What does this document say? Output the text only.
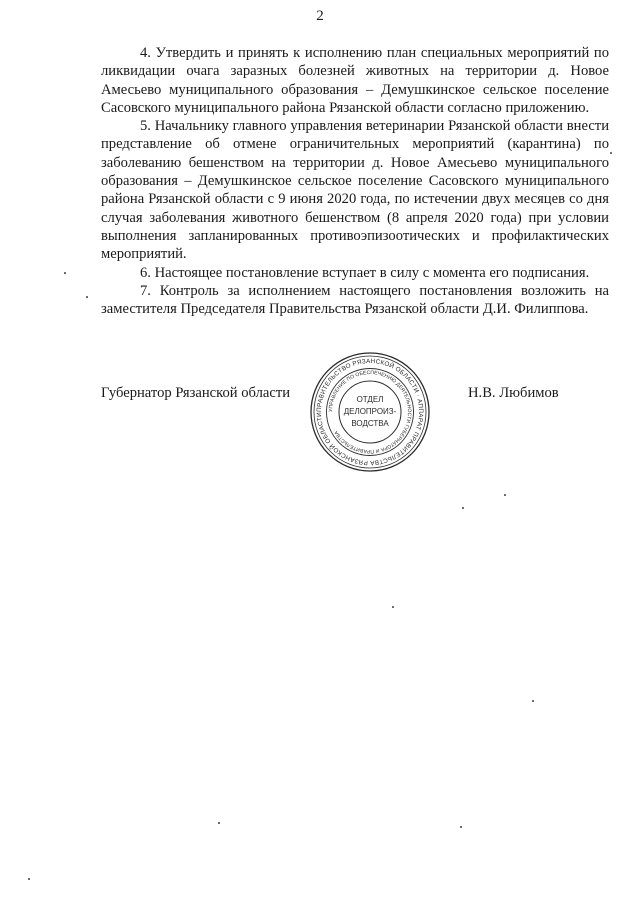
2

4. Утвердить и принять к исполнению план специальных мероприятий по ликвидации очага заразных болезней животных на территории д. Новое Амесьево муниципального образования – Демушкинское сельское поселение Сасовского муниципального района Рязанской области согласно приложению.

5. Начальнику главного управления ветеринарии Рязанской области внести представление об отмене ограничительных мероприятий (карантина) по заболеванию бешенством на территории д. Новое Амесьево муниципального образования – Демушкинское сельское поселение Сасовского муниципального района Рязанской области с 9 июня 2020 года, по истечении двух месяцев со дня случая заболевания животного бешенством (8 апреля 2020 года) при условии выполнения запланированных противоэпизоотических и профилактических мероприятий.

6. Настоящее постановление вступает в силу с момента его подписания.

7. Контроль за исполнением настоящего постановления возложить на заместителя Председателя Правительства Рязанской области Д.И. Филиппова.

Губернатор Рязанской области	Н.В. Любимов
ПРАВИТЕЛЬСТВО РЯЗАНСКОЙ ОБЛАСТИ · АППАРАТ ПРАВИТЕЛЬСТВА РЯЗАНСКОЙ ОБЛАСТИ
УПРАВЛЕНИЕ ПО ОБЕСПЕЧЕНИЮ ДЕЯТЕЛЬНОСТИ ГУБЕРНАТОРА И ПРАВИТЕЛЬСТВА ·
ОТДЕЛ
ДЕЛОПРОИЗ-
ВОДСТВА
